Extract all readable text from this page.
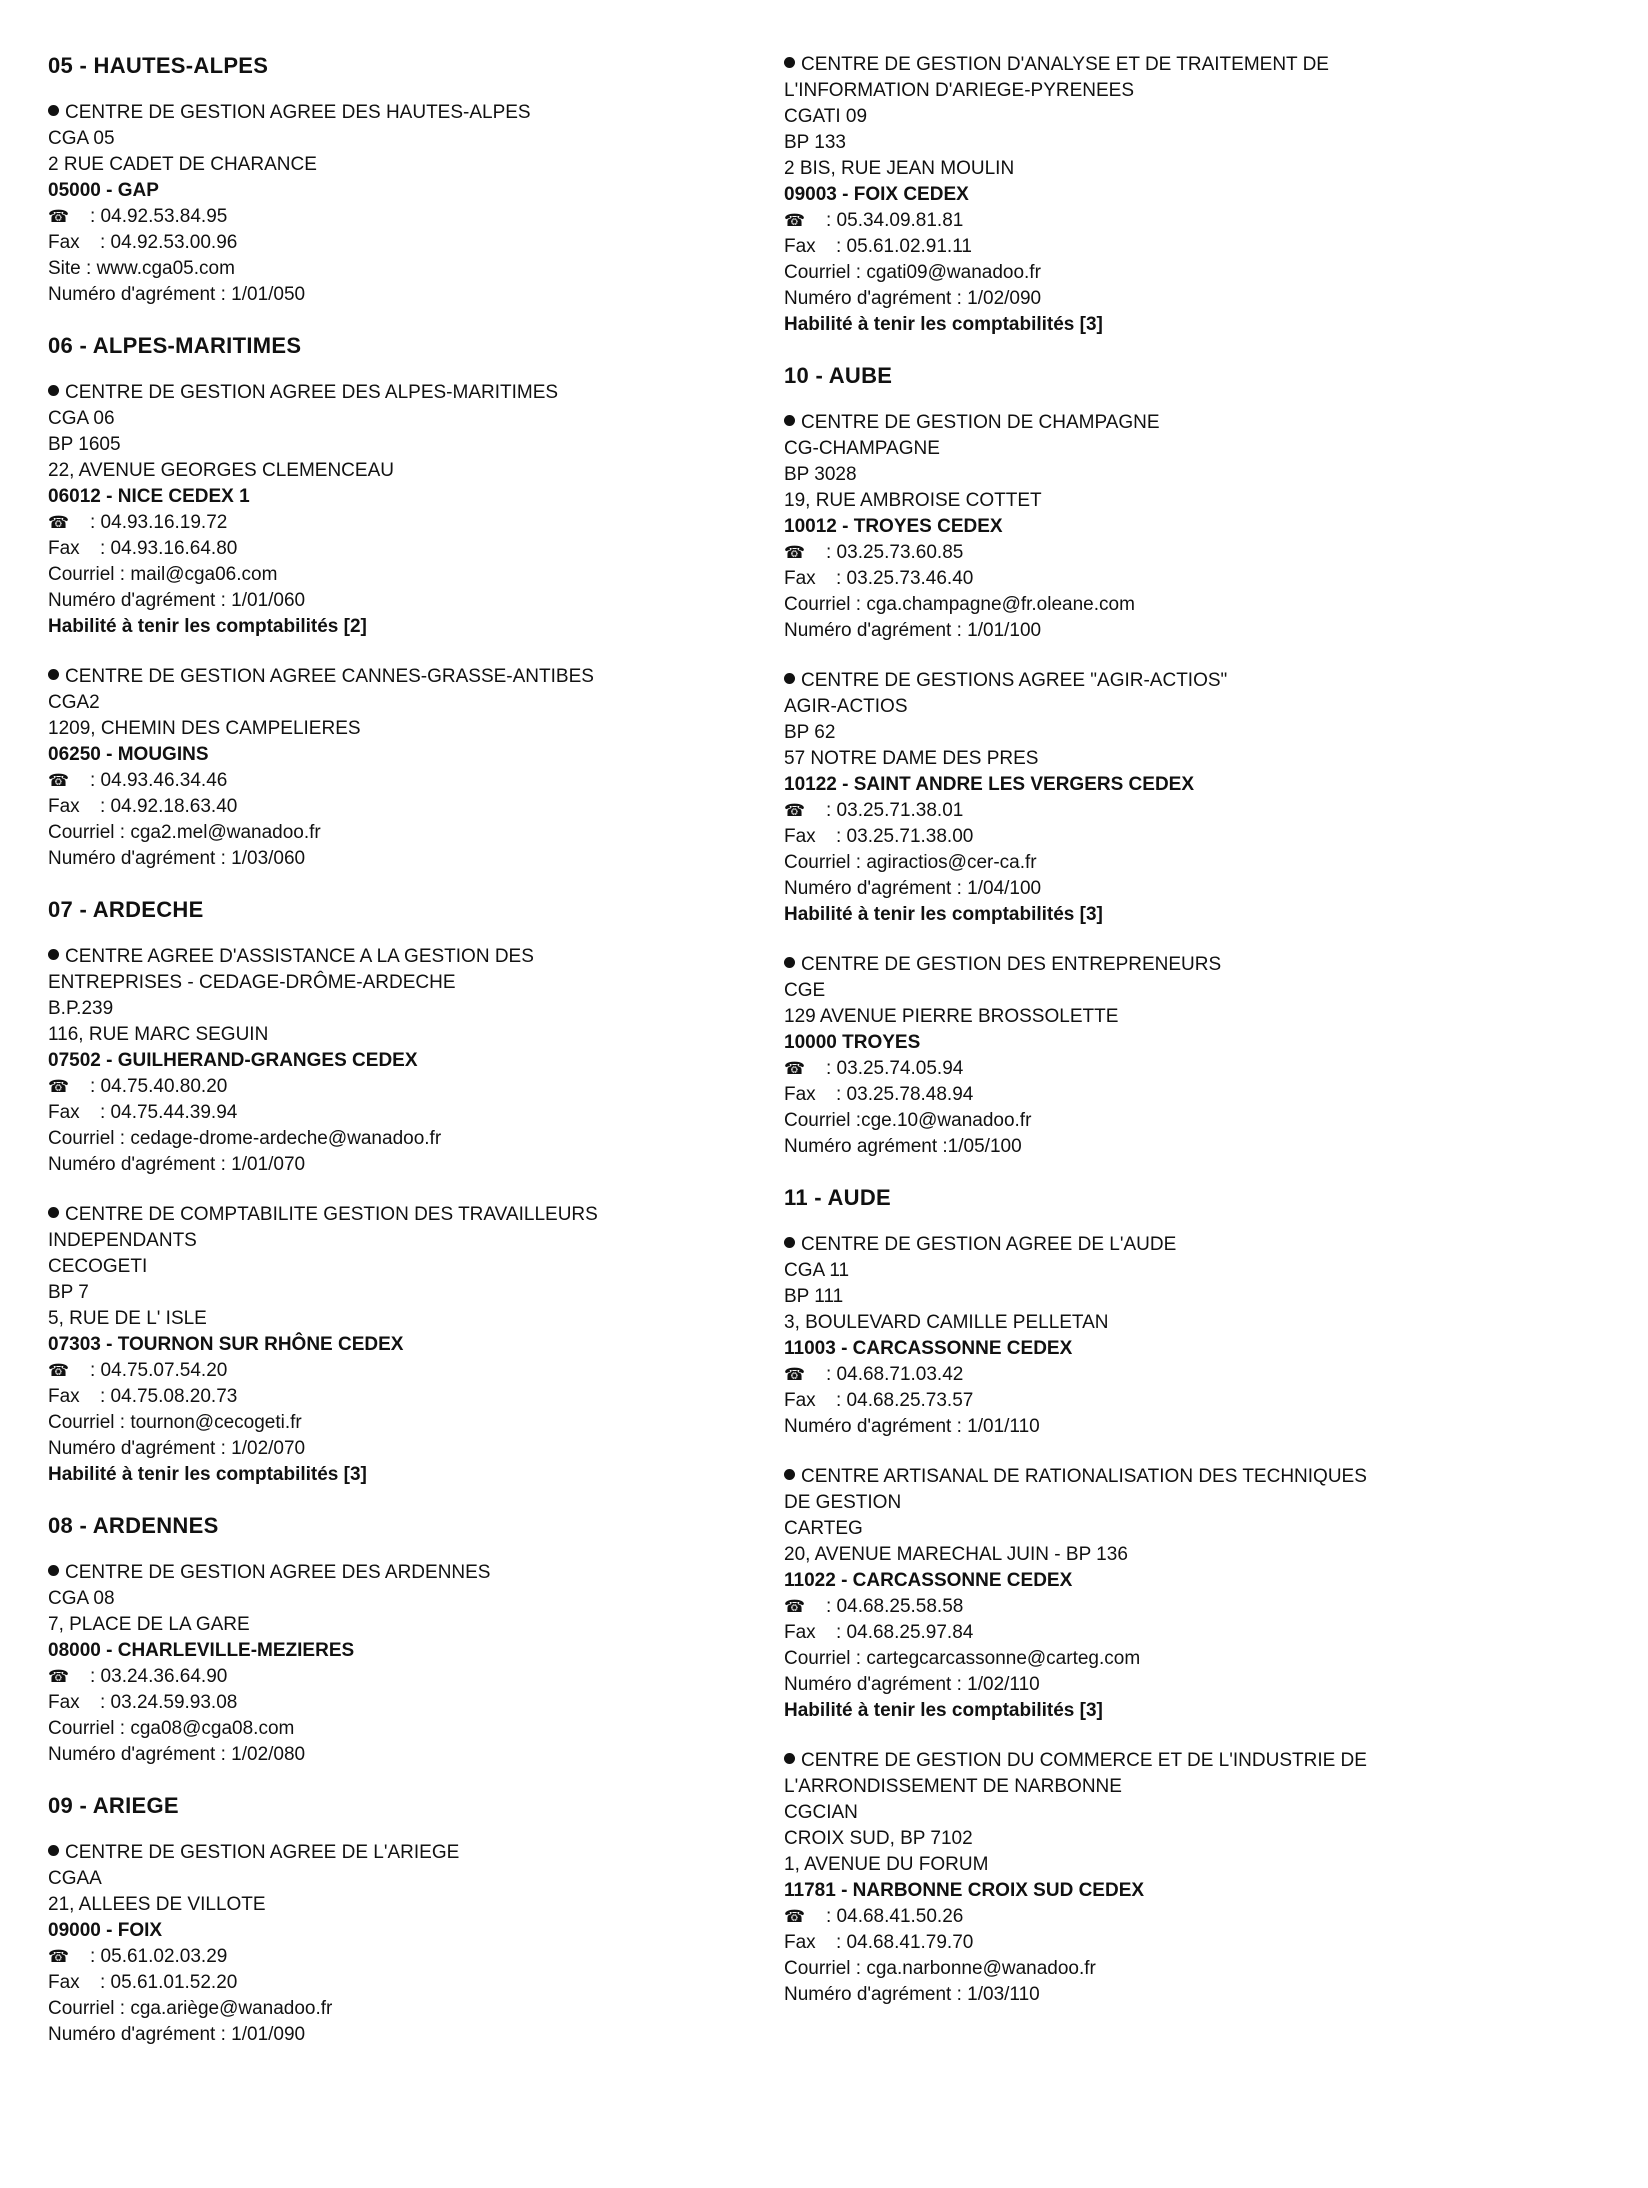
05 - HAUTES-ALPES
CENTRE DE GESTION AGREE DES HAUTES-ALPES
CGA 05
2 RUE CADET DE CHARANCE
05000 - GAP
☎ : 04.92.53.84.95
Fax : 04.92.53.00.96
Site : www.cga05.com
Numéro d'agrément : 1/01/050
06 - ALPES-MARITIMES
CENTRE DE GESTION AGREE DES ALPES-MARITIMES
CGA 06
BP 1605
22, AVENUE GEORGES CLEMENCEAU
06012 - NICE CEDEX 1
☎ : 04.93.16.19.72
Fax : 04.93.16.64.80
Courriel : mail@cga06.com
Numéro d'agrément : 1/01/060
Habilité à tenir les comptabilités [2]
CENTRE DE GESTION AGREE CANNES-GRASSE-ANTIBES
CGA2
1209, CHEMIN DES CAMPELIERES
06250 - MOUGINS
☎ : 04.93.46.34.46
Fax : 04.92.18.63.40
Courriel : cga2.mel@wanadoo.fr
Numéro d'agrément : 1/03/060
07 - ARDECHE
CENTRE AGREE D'ASSISTANCE A LA GESTION DES
ENTREPRISES - CEDAGE-DRÔME-ARDECHE
B.P.239
116, RUE MARC SEGUIN
07502 - GUILHERAND-GRANGES CEDEX
☎ : 04.75.40.80.20
Fax : 04.75.44.39.94
Courriel : cedage-drome-ardeche@wanadoo.fr
Numéro d'agrément : 1/01/070
CENTRE DE COMPTABILITE GESTION DES TRAVAILLEURS
INDEPENDANTS
CECOGETI
BP 7
5, RUE DE L' ISLE
07303 - TOURNON SUR RHÔNE CEDEX
☎ : 04.75.07.54.20
Fax : 04.75.08.20.73
Courriel : tournon@cecogeti.fr
Numéro d'agrément : 1/02/070
Habilité à tenir les comptabilités [3]
08 - ARDENNES
CENTRE DE GESTION AGREE DES ARDENNES
CGA 08
7, PLACE DE LA GARE
08000 - CHARLEVILLE-MEZIERES
☎ : 03.24.36.64.90
Fax : 03.24.59.93.08
Courriel : cga08@cga08.com
Numéro d'agrément : 1/02/080
09 - ARIEGE
CENTRE DE GESTION AGREE DE L'ARIEGE
CGAA
21, ALLEES DE VILLOTE
09000 - FOIX
☎ : 05.61.02.03.29
Fax : 05.61.01.52.20
Courriel : cga.ariège@wanadoo.fr
Numéro d'agrément : 1/01/090
CENTRE DE GESTION D'ANALYSE ET DE TRAITEMENT DE
L'INFORMATION D'ARIEGE-PYRENEES
CGATI 09
BP 133
2 BIS, RUE JEAN MOULIN
09003 - FOIX CEDEX
☎ : 05.34.09.81.81
Fax : 05.61.02.91.11
Courriel : cgati09@wanadoo.fr
Numéro d'agrément : 1/02/090
Habilité à tenir les comptabilités [3]
10 - AUBE
CENTRE DE GESTION DE CHAMPAGNE
CG-CHAMPAGNE
BP 3028
19, RUE AMBROISE COTTET
10012 - TROYES CEDEX
☎ : 03.25.73.60.85
Fax : 03.25.73.46.40
Courriel : cga.champagne@fr.oleane.com
Numéro d'agrément : 1/01/100
CENTRE DE GESTIONS AGREE "AGIR-ACTIOS"
AGIR-ACTIOS
BP 62
57 NOTRE DAME DES PRES
10122 - SAINT ANDRE LES VERGERS CEDEX
☎ : 03.25.71.38.01
Fax : 03.25.71.38.00
Courriel : agiractios@cer-ca.fr
Numéro d'agrément : 1/04/100
Habilité à tenir les comptabilités [3]
CENTRE DE GESTION DES ENTREPRENEURS
CGE
129 AVENUE PIERRE BROSSOLETTE
10000 TROYES
☎ : 03.25.74.05.94
Fax : 03.25.78.48.94
Courriel :cge.10@wanadoo.fr
Numéro agrément :1/05/100
11 - AUDE
CENTRE DE GESTION AGREE DE L'AUDE
CGA 11
BP 111
3, BOULEVARD CAMILLE PELLETAN
11003 - CARCASSONNE CEDEX
☎ : 04.68.71.03.42
Fax : 04.68.25.73.57
Numéro d'agrément : 1/01/110
CENTRE ARTISANAL DE RATIONALISATION DES TECHNIQUES
DE GESTION
CARTEG
20, AVENUE MARECHAL JUIN - BP 136
11022 - CARCASSONNE CEDEX
☎ : 04.68.25.58.58
Fax : 04.68.25.97.84
Courriel : cartegcarcassonne@carteg.com
Numéro d'agrément : 1/02/110
Habilité à tenir les comptabilités [3]
CENTRE DE GESTION DU COMMERCE ET DE L'INDUSTRIE DE
L'ARRONDISSEMENT DE NARBONNE
CGCIAN
CROIX SUD, BP 7102
1, AVENUE DU FORUM
11781 - NARBONNE CROIX SUD CEDEX
☎ : 04.68.41.50.26
Fax : 04.68.41.79.70
Courriel : cga.narbonne@wanadoo.fr
Numéro d'agrément : 1/03/110
